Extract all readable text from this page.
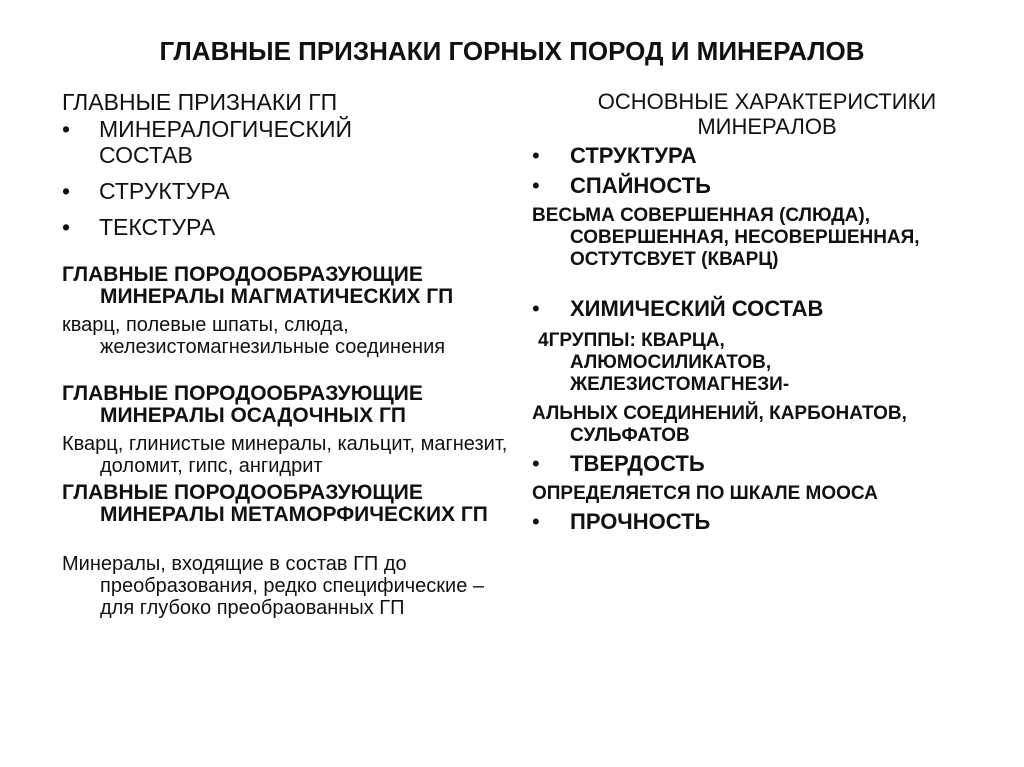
ГЛАВНЫЕ ПРИЗНАКИ ГОРНЫХ ПОРОД И МИНЕРАЛОВ
ГЛАВНЫЕ ПРИЗНАКИ ГП
• МИНЕРАЛОГИЧЕСКИЙ СОСТАВ
• СТРУКТУРА
• ТЕКСТУРА
ГЛАВНЫЕ ПОРОДООБРАЗУЮЩИЕ МИНЕРАЛЫ МАГМАТИЧЕСКИХ ГП
кварц, полевые шпаты, слюда, железистомагнезильные соединения
ГЛАВНЫЕ ПОРОДООБРАЗУЮЩИЕ МИНЕРАЛЫ ОСАДОЧНЫХ ГП
Кварц, глинистые минералы, кальцит, магнезит, доломит, гипс, ангидрит
ГЛАВНЫЕ ПОРОДООБРАЗУЮЩИЕ МИНЕРАЛЫ МЕТАМОРФИЧЕСКИХ ГП
Минералы, входящие в состав ГП до преобразования, редко специфические – для глубоко преобраованных ГП
ОСНОВНЫЕ ХАРАКТЕРИСТИКИ МИНЕРАЛОВ
• СТРУКТУРА
• СПАЙНОСТЬ
ВЕСЬМА СОВЕРШЕННАЯ (СЛЮДА), СОВЕРШЕННАЯ, НЕСОВЕРШЕННАЯ, ОСТУТСВУЕТ (КВАРЦ)
• ХИМИЧЕСКИЙ СОСТАВ
4ГРУППЫ: КВАРЦА, АЛЮМОСИЛИКАТОВ, ЖЕЛЕЗИСТОМАГНЕЗИ-
АЛЬНЫХ СОЕДИНЕНИЙ, КАРБОНАТОВ, СУЛЬФАТОВ
• ТВЕРДОСТЬ
ОПРЕДЕЛЯЕТСЯ ПО ШКАЛЕ МООСА
• ПРОЧНОСТЬ
